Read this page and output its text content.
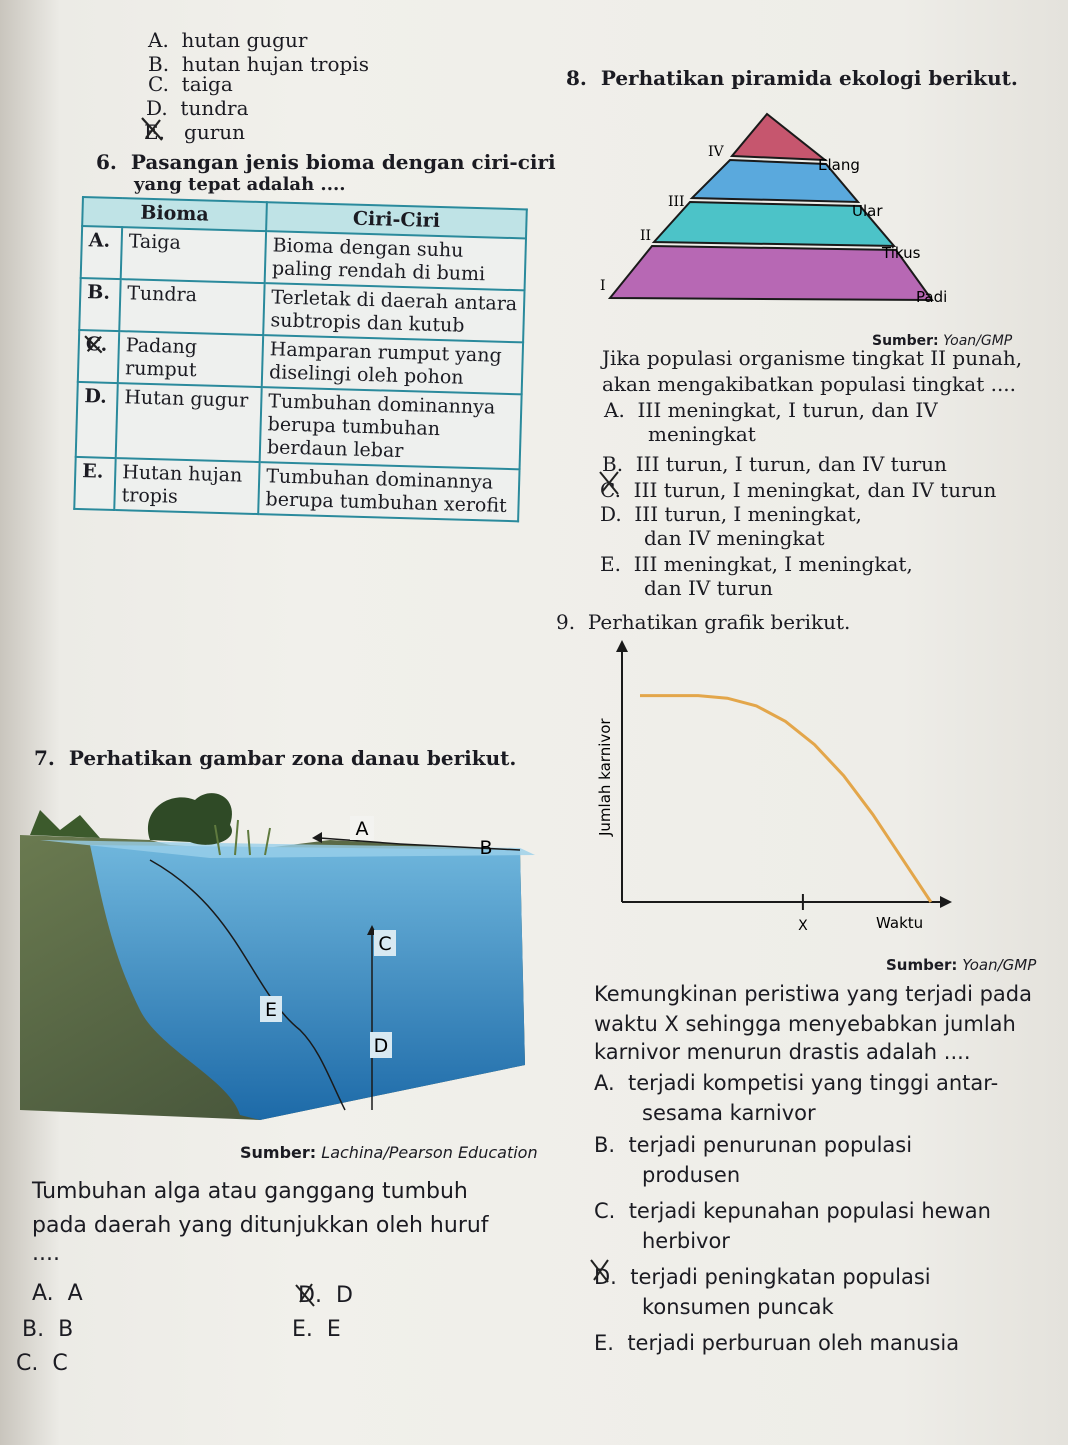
A. hutan gugur
B. hutan hujan tropis
C. taiga
D. tundra
E. gurun
6. Pasangan jenis bioma dengan ciri-ciri
yang tepat adalah ....
Bioma		Ciri-Ciri
A.	Taiga	Bioma dengan suhu paling rendah di bumi
B.	Tundra	Terletak di daerah antara subtropis dan kutub
C.	Padang rumput	Hamparan rumput yang diselingi oleh pohon
D.	Hutan gugur	Tumbuhan dominannya berupa tumbuhan berdaun lebar
E.	Hutan hujan tropis	Tumbuhan dominannya berupa tumbuhan xerofit
7. Perhatikan gambar zona danau berikut.
A
B
C
E
D
Sumber: Lachina/Pearson Education
Tumbuhan alga atau ganggang tumbuh
pada daerah yang ditunjukkan oleh huruf
....
A. A
B. B
C. C
D. D
E. E
8. Perhatikan piramida ekologi berikut.
IV
III
II
I
Elang
Ular
Tikus
Padi
Sumber: Yoan/GMP
Jika populasi organisme tingkat II punah,
akan mengakibatkan populasi tingkat ....
A. III meningkat, I turun, dan IV
meningkat
B. III turun, I turun, dan IV turun
C. III turun, I meningkat, dan IV turun
D. III turun, I meningkat,
dan IV meningkat
E. III meningkat, I meningkat,
dan IV turun
9. Perhatikan grafik berikut.
Jumlah karnivor
Waktu
X
Sumber: Yoan/GMP
Kemungkinan peristiwa yang terjadi pada
waktu X sehingga menyebabkan jumlah
karnivor menurun drastis adalah ....
A. terjadi kompetisi yang tinggi antar-
sesama karnivor
B. terjadi penurunan populasi
produsen
C. terjadi kepunahan populasi hewan
herbivor
D. terjadi peningkatan populasi
konsumen puncak
E. terjadi perburuan oleh manusia
